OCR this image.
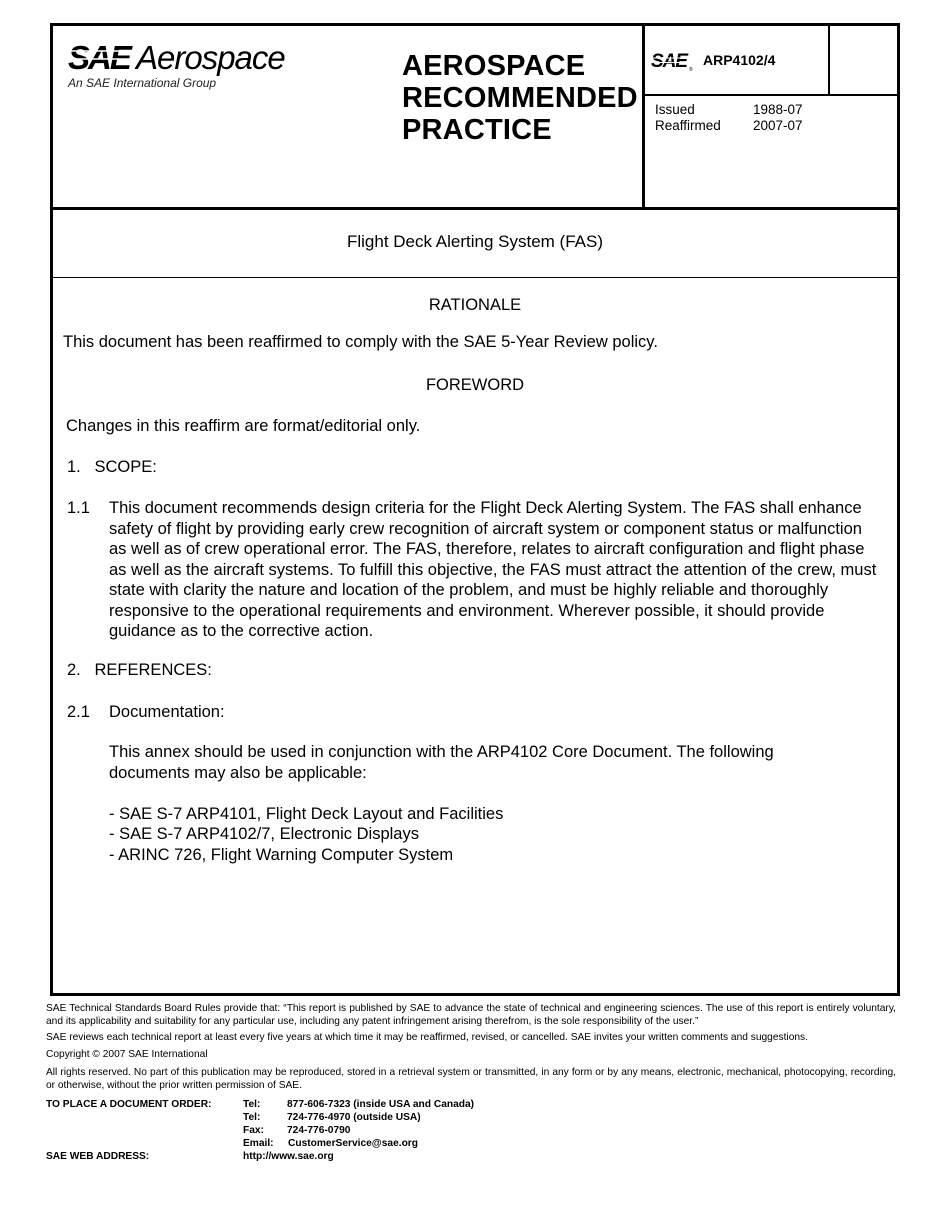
SAE Aerospace
An SAE International Group
AEROSPACE
RECOMMENDED
PRACTICE
SAE ®
ARP4102/4
Issued	1988-07
Reaffirmed	2007-07
Flight Deck Alerting System (FAS)
RATIONALE
This document has been reaffirmed to comply with the SAE 5-Year Review policy.
FOREWORD
Changes in this reaffirm are format/editorial only.
1.   SCOPE:
1.1 This document recommends design criteria for the Flight Deck Alerting System. The FAS shall enhance safety of flight by providing early crew recognition of aircraft system or component status or malfunction as well as of crew operational error. The FAS, therefore, relates to aircraft configuration and flight phase as well as the aircraft systems. To fulfill this objective, the FAS must attract the attention of the crew, must state with clarity the nature and location of the problem, and must be highly reliable and thoroughly responsive to the operational requirements and environment. Wherever possible, it should provide guidance as to the corrective action.
2.   REFERENCES:
2.1 Documentation:
This annex should be used in conjunction with the ARP4102 Core Document. The following documents may also be applicable:
- SAE S-7 ARP4101, Flight Deck Layout and Facilities
- SAE S-7 ARP4102/7, Electronic Displays
- ARINC 726, Flight Warning Computer System

SAE Technical Standards Board Rules provide that: “This report is published by SAE to advance the state of technical and engineering sciences. The use of this report is entirely voluntary, and its applicability and suitability for any particular use, including any patent infringement arising therefrom, is the sole responsibility of the user.”

SAE reviews each technical report at least every five years at which time it may be reaffirmed, revised, or cancelled. SAE invites your written comments and suggestions.

Copyright © 2007 SAE International

All rights reserved. No part of this publication may be reproduced, stored in a retrieval system or transmitted, in any form or by any means, electronic, mechanical, photocopying, recording, or otherwise, without the prior written permission of SAE.

TO PLACE A DOCUMENT ORDER:	Tel:	877-606-7323 (inside USA and Canada)
Tel:	724-776-4970 (outside USA)
Fax: 724-776-0790
Email: CustomerService@sae.org
SAE WEB ADDRESS:	http://www.sae.org
